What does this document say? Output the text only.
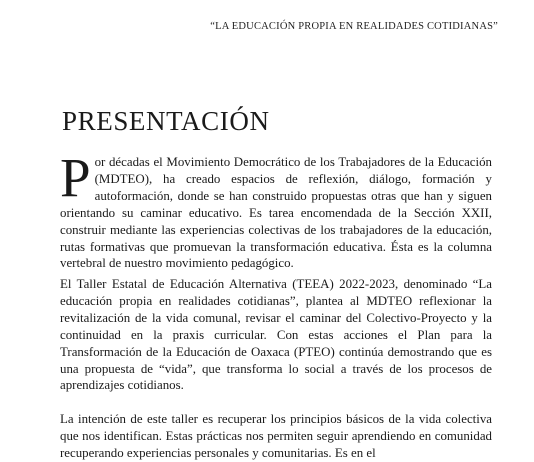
“LA EDUCACIÓN PROPIA EN REALIDADES COTIDIANAS”
PRESENTACIÓN

Por décadas el Movimiento Democrático de los Trabajadores de la Educación (MDTEO), ha creado espacios de reflexión, diálogo, formación y autoformación, donde se han construido propuestas otras que han y siguen orientando su caminar educativo. Es tarea encomendada de la Sección XXII, construir mediante las experiencias colectivas de los trabajadores de la educación, rutas formativas que promuevan la transformación educativa. Ésta es la columna vertebral de nuestro movimiento pedagógico.

El Taller Estatal de Educación Alternativa (TEEA) 2022-2023, denominado “La educación propia en realidades cotidianas”, plantea al MDTEO reflexionar la revitalización de la vida comunal, revisar el caminar del Colectivo-Proyecto y la continuidad en la praxis curricular. Con estas acciones el Plan para la Transformación de la Educación de Oaxaca (PTEO) continúa demostrando que es una propuesta de “vida”, que transforma lo social a través de los procesos de aprendizajes cotidianos.

La intención de este taller es recuperar los principios básicos de la vida colectiva que nos identifican. Estas prácticas nos permiten seguir aprendiendo en comunidad recuperando experiencias personales y comunitarias. Es en el
